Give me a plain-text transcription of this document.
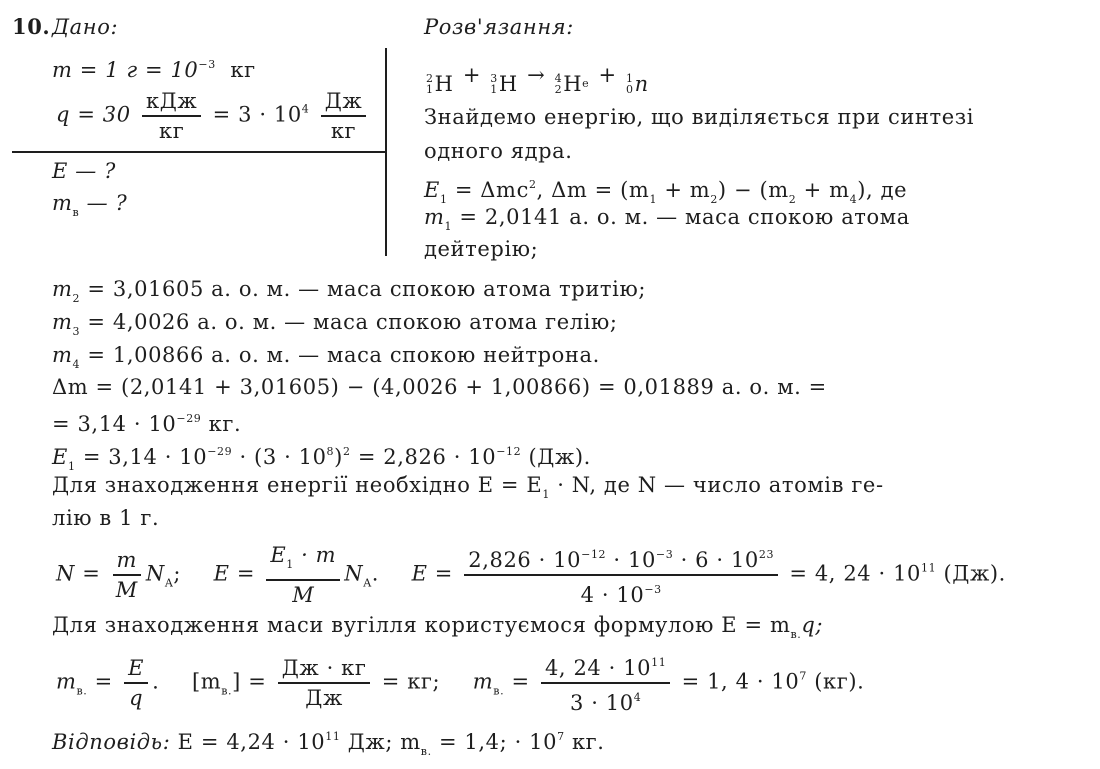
10. Дано:	Розв'язання:
m = 1 $г = 10^{-3}$ кг
$q = 30 \frac{\text{кДж}}{кг} = 3 \cdot 10^4 \frac{Дж}{кг}$
E — ?
$m_в$ — ?
2
1 H + 3
1 H → 4
2 H e + 1
0 n
Знайдемо енергію, що виділяється при синтезі
одного ядра.
$E_1 = \Delta mc^2$, $\Delta m = (m_1 + m_2) - (m_2 + m_4)$, де
$m_1 = 2,0141$ а. о. м. — маса спокою атома
дейтерію;
$m_2 = 3,01605$ а. о. м. — маса спокою атома тритію;
$m_3 = 4,0026$ а. о. м. — маса спокою атома гелію;
$m_4 = 1,00866$ а. о. м. — маса спокою нейтрона.
Δm = (2,0141 + 3,01605) − (4,0026 + 1,00866) = 0,01889 а. о. м. =
= $3,14 \cdot 10^{-29}$ кг.
$E_1 = 3,14 \cdot 10^{-29} \cdot (3 \cdot 10^8)^2 = 2,826 \cdot 10^{-12}$ (Дж).
Для знаходження енергії необхідно $E = E_1 \cdot N$, де N — число атомів ге-
лію в 1 г.
$N = \frac{m}{M} N_A$; $E = \frac{E_1 \cdot m}{M} N_A$. $E = \frac{2,826 \cdot 10^{-12} \cdot 10^{-3} \cdot 6 \cdot 10^{23}}{4 \cdot 10^{-3}} = 4$, $24 \cdot 10^{11}$ (Дж).
Для знаходження маси вугілля користуємося формулою $E = m_{в.}q$;
$m_{в.} = \frac{E}{q}$ . $[m_{в.}] = \frac{Дж \cdot кг}{Дж}$ = кг; $m_{в.} = \frac{4, 24 \cdot 10^{11}}{3 \cdot 10^4} = 1$, $4 \cdot 10^7$ (кг).
Відповідь: $E = 4,24 \cdot 10^{11}$ Дж; $m_{в.} = 1,4$; · $10^7$ кг.
